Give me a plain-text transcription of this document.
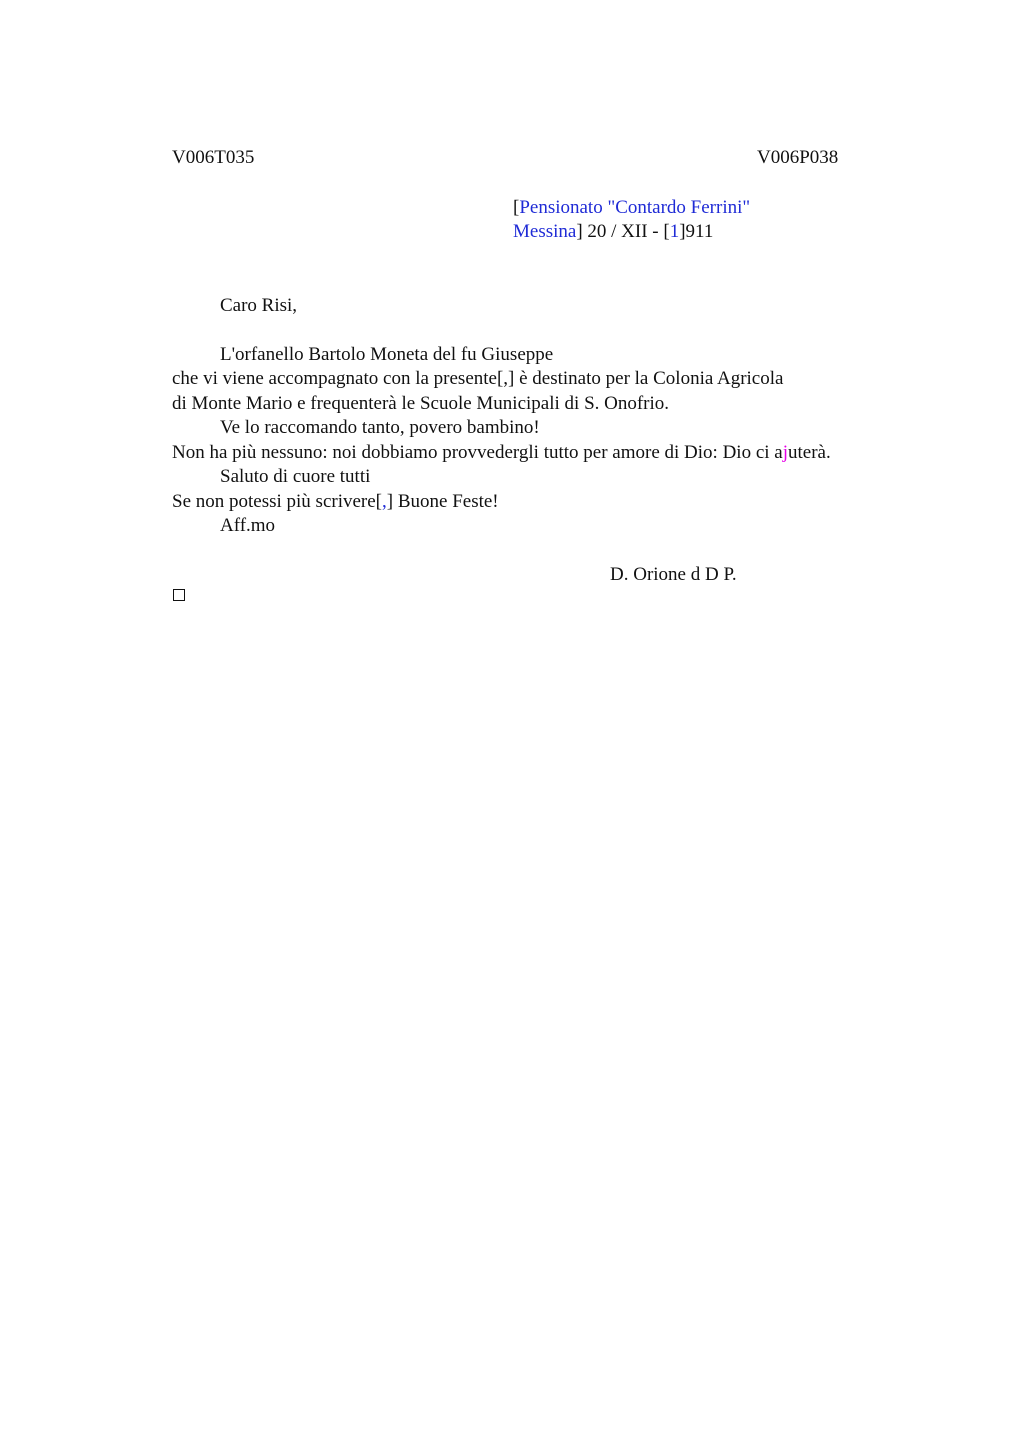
V006T035	V006P038
[Pensionato "Contardo Ferrini"
Messina] 20 / XII - [1]911
Caro Risi,
L'orfanello Bartolo Moneta del fu Giuseppe
che vi viene accompagnato con la presente[,] è destinato per la Colonia Agricola
di Monte Mario e frequenterà le Scuole Municipali di S. Onofrio.
Ve lo raccomando tanto, povero bambino!
Non ha più nessuno: noi dobbiamo provvedergli tutto per amore di Dio: Dio ci ajuterà.
Saluto di cuore tutti
Se non potessi più scrivere[,] Buone Feste!
Aff.mo
D. Orione d D P.
